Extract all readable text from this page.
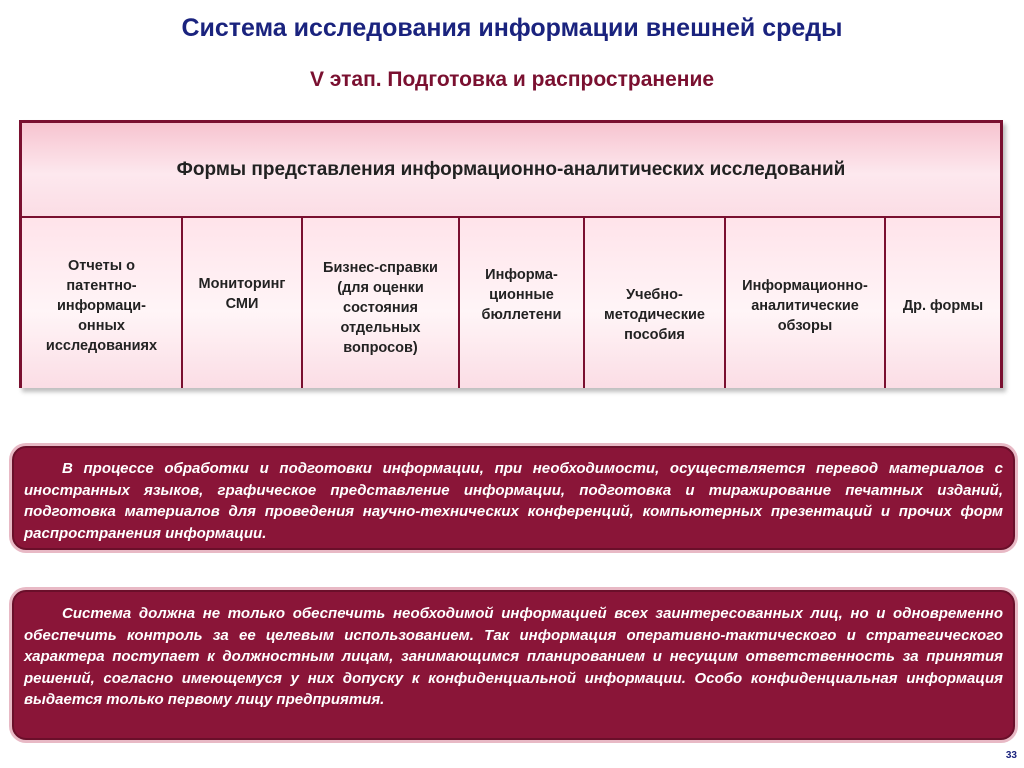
Система исследования информации внешней среды
V этап. Подготовка и распространение
Формы представления информационно-аналитических исследований
Отчеты о
патентно-
информаци-
онных
исследованиях
Мониторинг
СМИ
Бизнес-справки
(для оценки
состояния
отдельных
вопросов)
Информа-
ционные
бюллетени
Учебно-
методические
пособия
Информационно-
аналитические
обзоры
Др. формы
В процессе обработки и подготовки информации, при необходимости, осуществляется перевод материалов с иностранных языков, графическое представление информации, подготовка и тиражирование печатных изданий, подготовка материалов для проведения научно-технических конференций, компьютерных презентаций и прочих форм распространения информации.
Система должна не только обеспечить необходимой информацией всех заинтересованных лиц, но и одновременно обеспечить контроль за ее целевым использованием. Так информация оперативно-тактического и стратегического характера поступает к должностным лицам, занимающимся планированием и несущим ответственность за принятия решений, согласно имеющемуся у них допуску к конфиденциальной информации. Особо конфиденциальная информация выдается только первому лицу предприятия.
33
